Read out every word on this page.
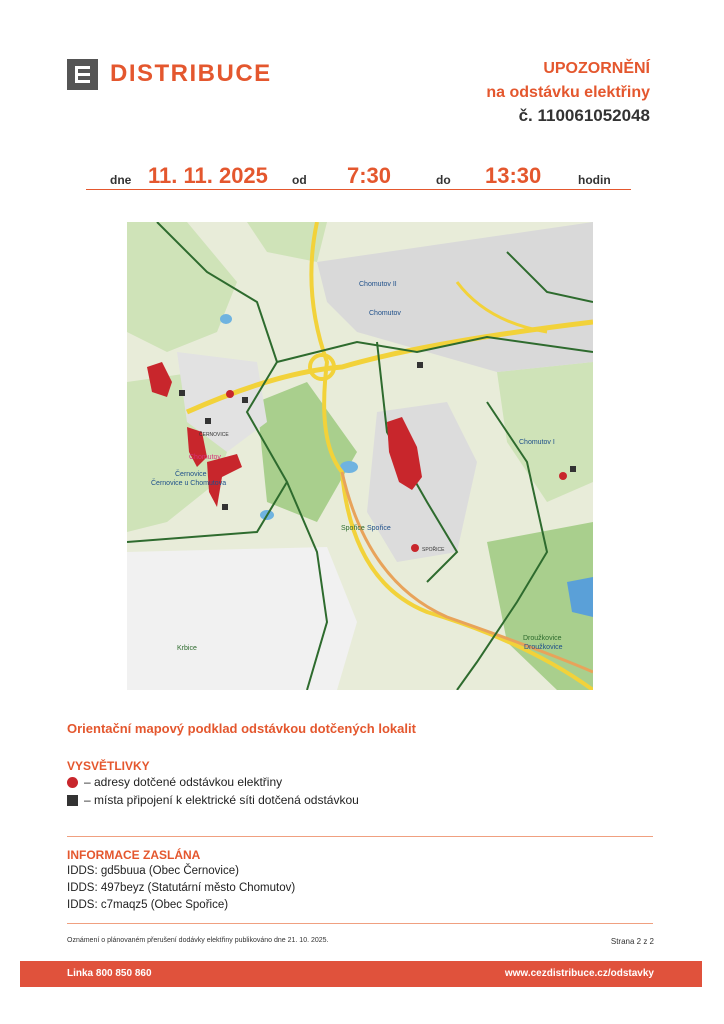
DISTRIBUCE	UPOZORNĚNÍ
na odstávku elektřiny
č. 110061052048
dne 11. 11. 2025 od 7:30	do 13:30	hodin
Chomutov II
Chomutov
Chomutov I
Chomutov
ČERNOVICE
Černovice
Černovice u Chomutova
Spořice Spořice
SPOŘICE
Krbice
Droužkovice
Droužkovice
Orientační mapový podklad odstávkou dotčených lokalit
VYSVĚTLIVKY
– adresy dotčené odstávkou elektřiny
– místa připojení k elektrické síti dotčená odstávkou
INFORMACE ZASLÁNA
IDDS: gd5buua (Obec Černovice)
IDDS: 497beyz (Statutární město Chomutov)
IDDS: c7maqz5 (Obec Spořice)
Oznámení o plánovaném přerušení dodávky elektřiny publikováno dne 21. 10. 2025.	Strana 2 z 2
Linka 800 850 860	www.cezdistribuce.cz/odstavky
